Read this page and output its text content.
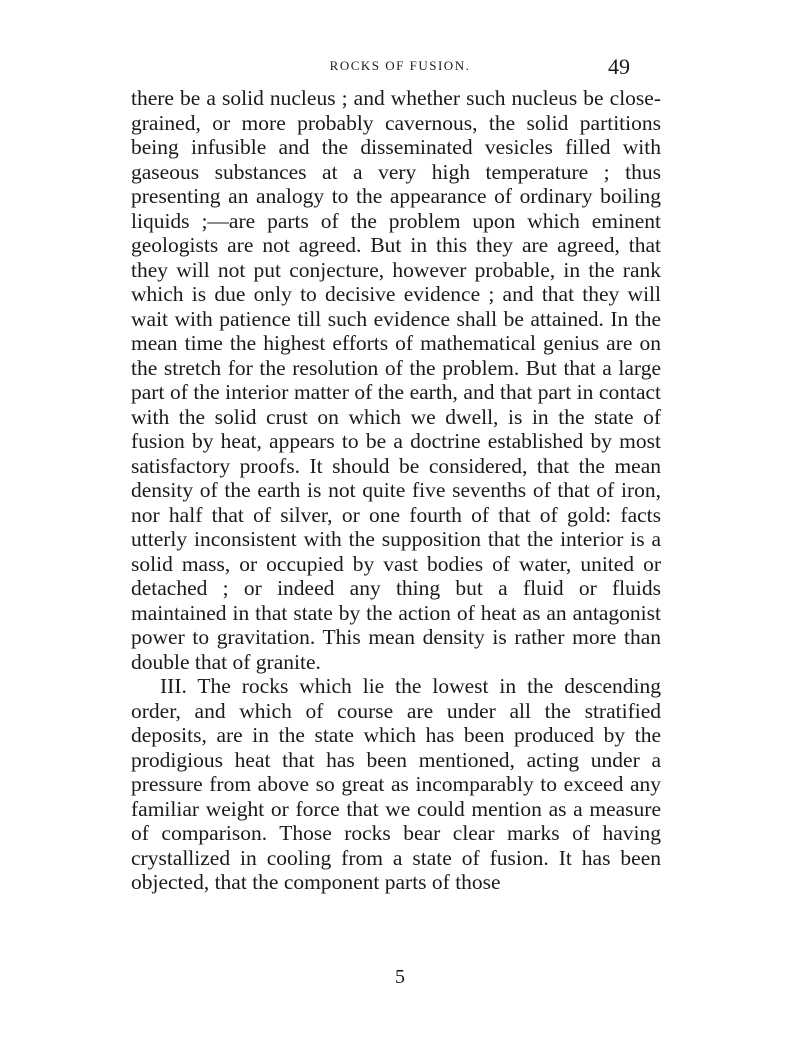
ROCKS OF FUSION.	49

there be a solid nucleus ; and whether such nucleus be close-grained, or more probably cavernous, the solid partitions being infusible and the disseminated vesicles filled with gaseous substances at a very high temperature ; thus presenting an analogy to the appearance of ordinary boiling liquids ;—are parts of the problem upon which eminent geologists are not agreed. But in this they are agreed, that they will not put conjecture, however probable, in the rank which is due only to decisive evidence ; and that they will wait with patience till such evidence shall be attained. In the mean time the highest efforts of mathematical genius are on the stretch for the resolution of the problem. But that a large part of the interior matter of the earth, and that part in contact with the solid crust on which we dwell, is in the state of fusion by heat, appears to be a doctrine established by most satisfactory proofs. It should be considered, that the mean density of the earth is not quite five sevenths of that of iron, nor half that of silver, or one fourth of that of gold: facts utterly inconsistent with the supposition that the interior is a solid mass, or occupied by vast bodies of water, united or detached ; or indeed any thing but a fluid or fluids maintained in that state by the action of heat as an antagonist power to gravitation. This mean density is rather more than double that of granite.

III. The rocks which lie the lowest in the descending order, and which of course are under all the stratified deposits, are in the state which has been produced by the prodigious heat that has been mentioned, acting under a pressure from above so great as incomparably to exceed any familiar weight or force that we could mention as a measure of comparison. Those rocks bear clear marks of having crystallized in cooling from a state of fusion. It has been objected, that the component parts of those

5
